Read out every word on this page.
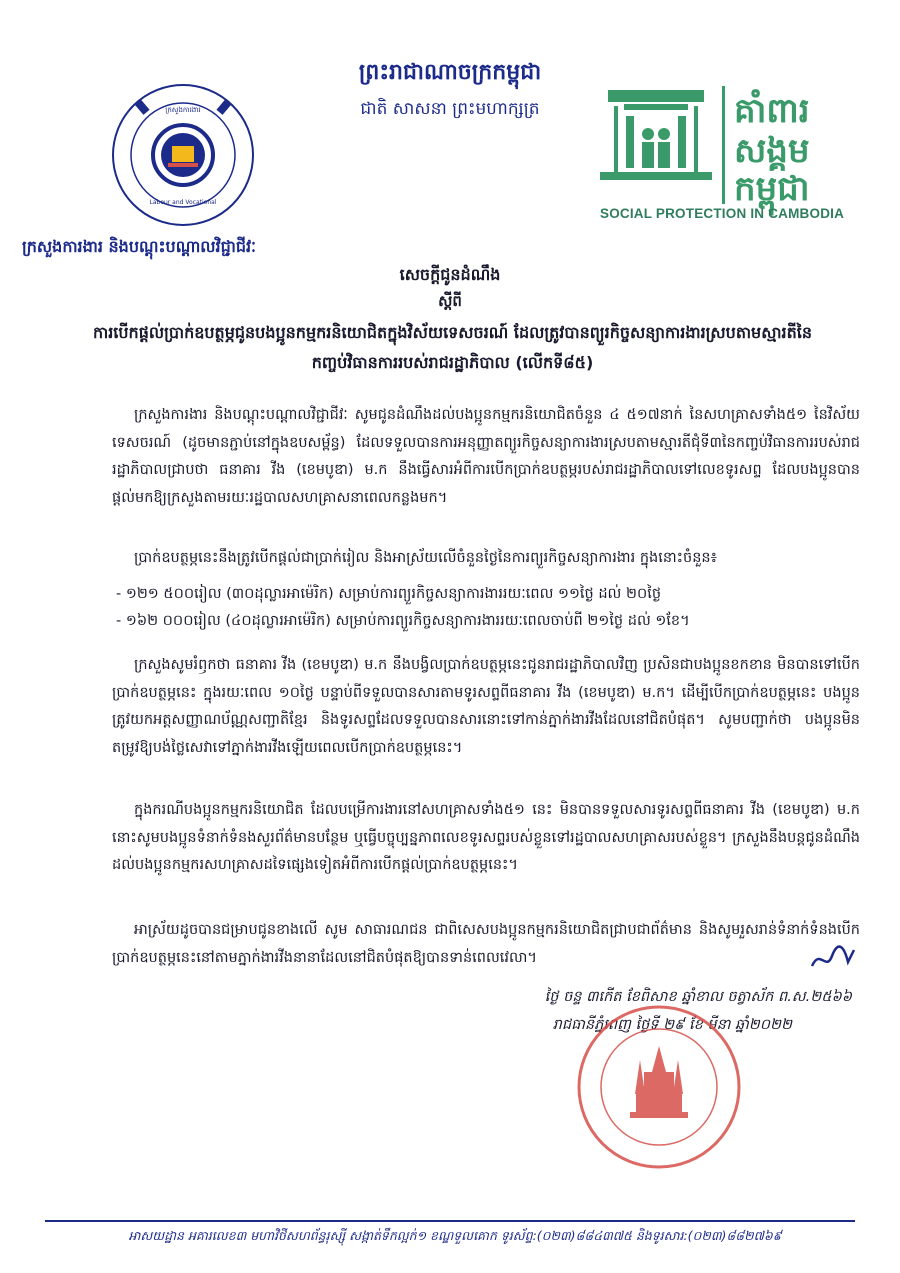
ព្រះរាជាណាចក្រកម្ពុជា
ជាតិ សាសនា ព្រះមហាក្សត្រ
ក្រសួងការងារ
Labour and Vocational
គាំពារ
សង្គម
កម្ពុជា
SOCIAL PROTECTION IN CAMBODIA
ក្រសួងការងារ និងបណ្តុះបណ្តាលវិជ្ជាជីវៈ
សេចក្តីជូនដំណឹង
ស្តីពី
ការបើកផ្តល់ប្រាក់ឧបត្ថម្ភជូនបងប្អូនកម្មករនិយោជិតក្នុងវិស័យទេសចរណ៍ ដែលត្រូវបានព្យួរកិច្ចសន្យាការងារស្របតាមស្មារតីនៃកញ្ចប់វិធានការរបស់រាជរដ្ឋាភិបាល (លើកទី៨៥)
ក្រសួងការងារ និងបណ្តុះបណ្តាលវិជ្ជាជីវៈ សូមជូនដំណឹងដល់បងប្អូនកម្មករនិយោជិតចំនួន ៤ ៥១៧នាក់ នៃសហគ្រាសទាំង៥១ នៃវិស័យទេសចរណ៍ (ដូចមានភ្ជាប់នៅក្នុងឧបសម្ព័ន្ធ) ដែលទទួលបានការអនុញ្ញាតព្យួរកិច្ចសន្យាការងារស្របតាមស្មារតីជុំទី៣នៃកញ្ចប់វិធានការរបស់រាជរដ្ឋាភិបាលជ្រាបថា ធនាគារ វីង (ខេមបូឌា) ម.ក នឹងធ្វើសារអំពីការបើកប្រាក់ឧបត្ថម្ភរបស់រាជរដ្ឋាភិបាលទៅលេខទូរសព្ទ ដែលបងប្អូនបានផ្តល់មកឱ្យក្រសួងតាមរយៈរដ្ឋបាលសហគ្រាសនាពេលកន្លងមក។
ប្រាក់ឧបត្ថម្ភនេះនឹងត្រូវបើកផ្តល់ជាប្រាក់រៀល និងអាស្រ័យលើចំនួនថ្ងៃនៃការព្យួរកិច្ចសន្យាការងារ ក្នុងនោះចំនួន៖
- ១២១ ៥០០រៀល (៣០ដុល្លារអាម៉េរិក) សម្រាប់ការព្យួរកិច្ចសន្យាការងាររយៈពេល ១១ថ្ងៃ ដល់ ២០ថ្ងៃ
- ១៦២ ០០០រៀល (៤០ដុល្លារអាម៉េរិក) សម្រាប់ការព្យួរកិច្ចសន្យាការងាររយៈពេលចាប់ពី ២១ថ្ងៃ ដល់ ១ខែ។
ក្រសួងសូមរំឭកថា ធនាគារ វីង (ខេមបូឌា) ម.ក នឹងបង្វិលប្រាក់ឧបត្ថម្ភនេះជូនរាជរដ្ឋាភិបាលវិញ ប្រសិនជាបងប្អូនខកខាន មិនបានទៅបើកប្រាក់ឧបត្ថម្ភនេះ ក្នុងរយៈពេល ១០ថ្ងៃ បន្ទាប់ពីទទួលបានសារតាមទូរសព្ទពីធនាគារ វីង (ខេមបូឌា) ម.ក។ ដើម្បីបើកប្រាក់ឧបត្ថម្ភនេះ បងប្អូនត្រូវយកអត្តសញ្ញាណប័ណ្ណសញ្ជាតិខ្មែរ និងទូរសព្ទដែលទទួលបានសារនោះទៅកាន់ភ្នាក់ងារវីងដែលនៅជិតបំផុត។ សូមបញ្ជាក់ថា បងប្អូនមិនតម្រូវឱ្យបង់ថ្លៃសេវាទៅភ្នាក់ងារវីងឡើយពេលបើកប្រាក់ឧបត្ថម្ភនេះ។
ក្នុងករណីបងប្អូនកម្មករនិយោជិត ដែលបម្រើការងារនៅសហគ្រាសទាំង៥១ នេះ មិនបានទទួលសារទូរសព្ទពីធនាគារ វីង (ខេមបូឌា) ម.ក នោះសូមបងប្អូនទំនាក់ទំនងសួរព័ត៌មានបន្ថែម ឬធ្វើបច្ចុប្បន្នភាពលេខទូរសព្ទរបស់ខ្លួនទៅរដ្ឋបាលសហគ្រាសរបស់ខ្លួន។ ក្រសួងនឹងបន្តជូនដំណឹងដល់បងប្អូនកម្មករសហគ្រាសដទៃផ្សេងទៀតអំពីការបើកផ្តល់ប្រាក់ឧបត្ថម្ភនេះ។
អាស្រ័យដូចបានជម្រាបជូនខាងលើ សូម សាធារណជន ជាពិសេសបងប្អូនកម្មករនិយោជិតជ្រាបជាព័ត៌មាន និងសូមរួសរាន់ទំនាក់ទំនងបើកប្រាក់ឧបត្ថម្ភនេះនៅតាមភ្នាក់ងារវីងនានាដែលនៅជិតបំផុតឱ្យបានទាន់ពេលវេលា។
ថ្ងៃ ចន្ទ ៣កើត ខែពិសាខ ឆ្នាំខាល ចត្វាស័ក ព.ស.២៥៦៦
រាជធានីភ្នំពេញ ថ្ងៃទី ២៩ ខែ មីនា ឆ្នាំ២០២២
អាសយដ្ឋាន អគារលេខ៣ មហាវិថីសហព័ន្ធរុស្ស៊ី សង្កាត់ទឹកល្អក់១ ខណ្ឌទួលគោក ទូរស័ព្ទ:(០២៣)៨៨៤៣៧៥ និងទូរសារ:(០២៣)៨៨២៧៦៩
